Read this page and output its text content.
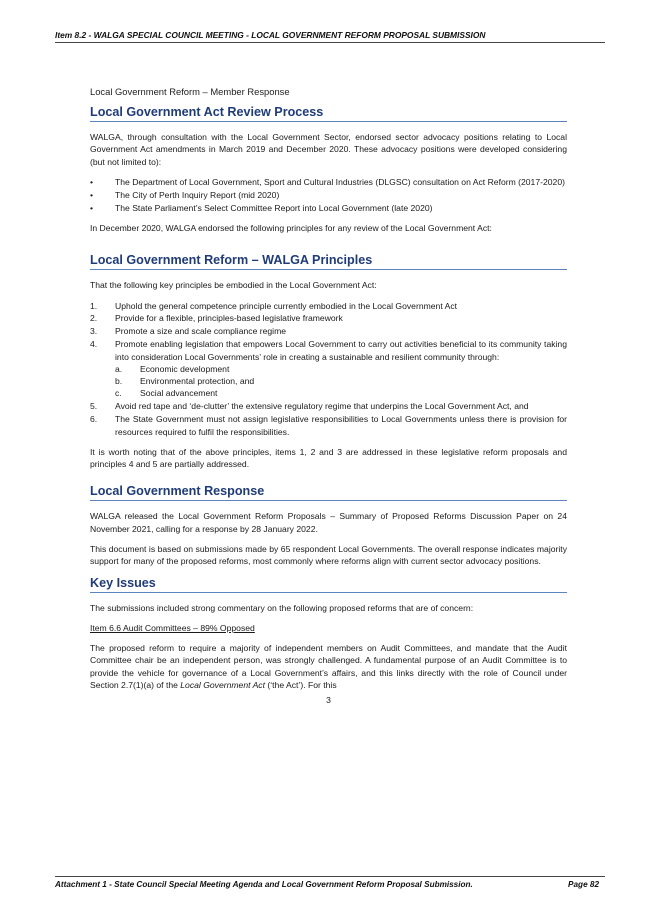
Item 8.2 - WALGA SPECIAL COUNCIL MEETING - LOCAL GOVERNMENT REFORM PROPOSAL SUBMISSION

Local Government Reform – Member Response

Local Government Act Review Process

WALGA, through consultation with the Local Government Sector, endorsed sector advocacy positions relating to Local Government Act amendments in March 2019 and December 2020. These advocacy positions were developed considering (but not limited to):

•	The Department of Local Government, Sport and Cultural Industries (DLGSC) consultation on Act Reform (2017-2020)
•	The City of Perth Inquiry Report (mid 2020)
•	The State Parliament’s Select Committee Report into Local Government (late 2020)

In December 2020, WALGA endorsed the following principles for any review of the Local Government Act:

Local Government Reform – WALGA Principles

That the following key principles be embodied in the Local Government Act:

1. Uphold the general competence principle currently embodied in the Local Government Act
2. Provide for a flexible, principles-based legislative framework
3. Promote a size and scale compliance regime
4. Promote enabling legislation that empowers Local Government to carry out activities beneficial to its community taking into consideration Local Governments’ role in creating a sustainable and resilient community through:
a. Economic development
b. Environmental protection, and
c. Social advancement
5. Avoid red tape and ‘de-clutter’ the extensive regulatory regime that underpins the Local Government Act, and
6. The State Government must not assign legislative responsibilities to Local Governments unless there is provision for resources required to fulfil the responsibilities.

It is worth noting that of the above principles, items 1, 2 and 3 are addressed in these legislative reform proposals and principles 4 and 5 are partially addressed.

Local Government Response

WALGA released the Local Government Reform Proposals – Summary of Proposed Reforms Discussion Paper on 24 November 2021, calling for a response by 28 January 2022.

This document is based on submissions made by 65 respondent Local Governments. The overall response indicates majority support for many of the proposed reforms, most commonly where reforms align with current sector advocacy positions.

Key Issues

The submissions included strong commentary on the following proposed reforms that are of concern:

Item 6.6 Audit Committees – 89% Opposed

The proposed reform to require a majority of independent members on Audit Committees, and mandate that the Audit Committee chair be an independent person, was strongly challenged. A fundamental purpose of an Audit Committee is to provide the vehicle for governance of a Local Government’s affairs, and this links directly with the role of Council under Section 2.7(1)(a) of the Local Government Act (‘the Act’). For this

3
Attachment 1 - State Council Special Meeting Agenda and Local Government Reform Proposal Submission.	Page 82
